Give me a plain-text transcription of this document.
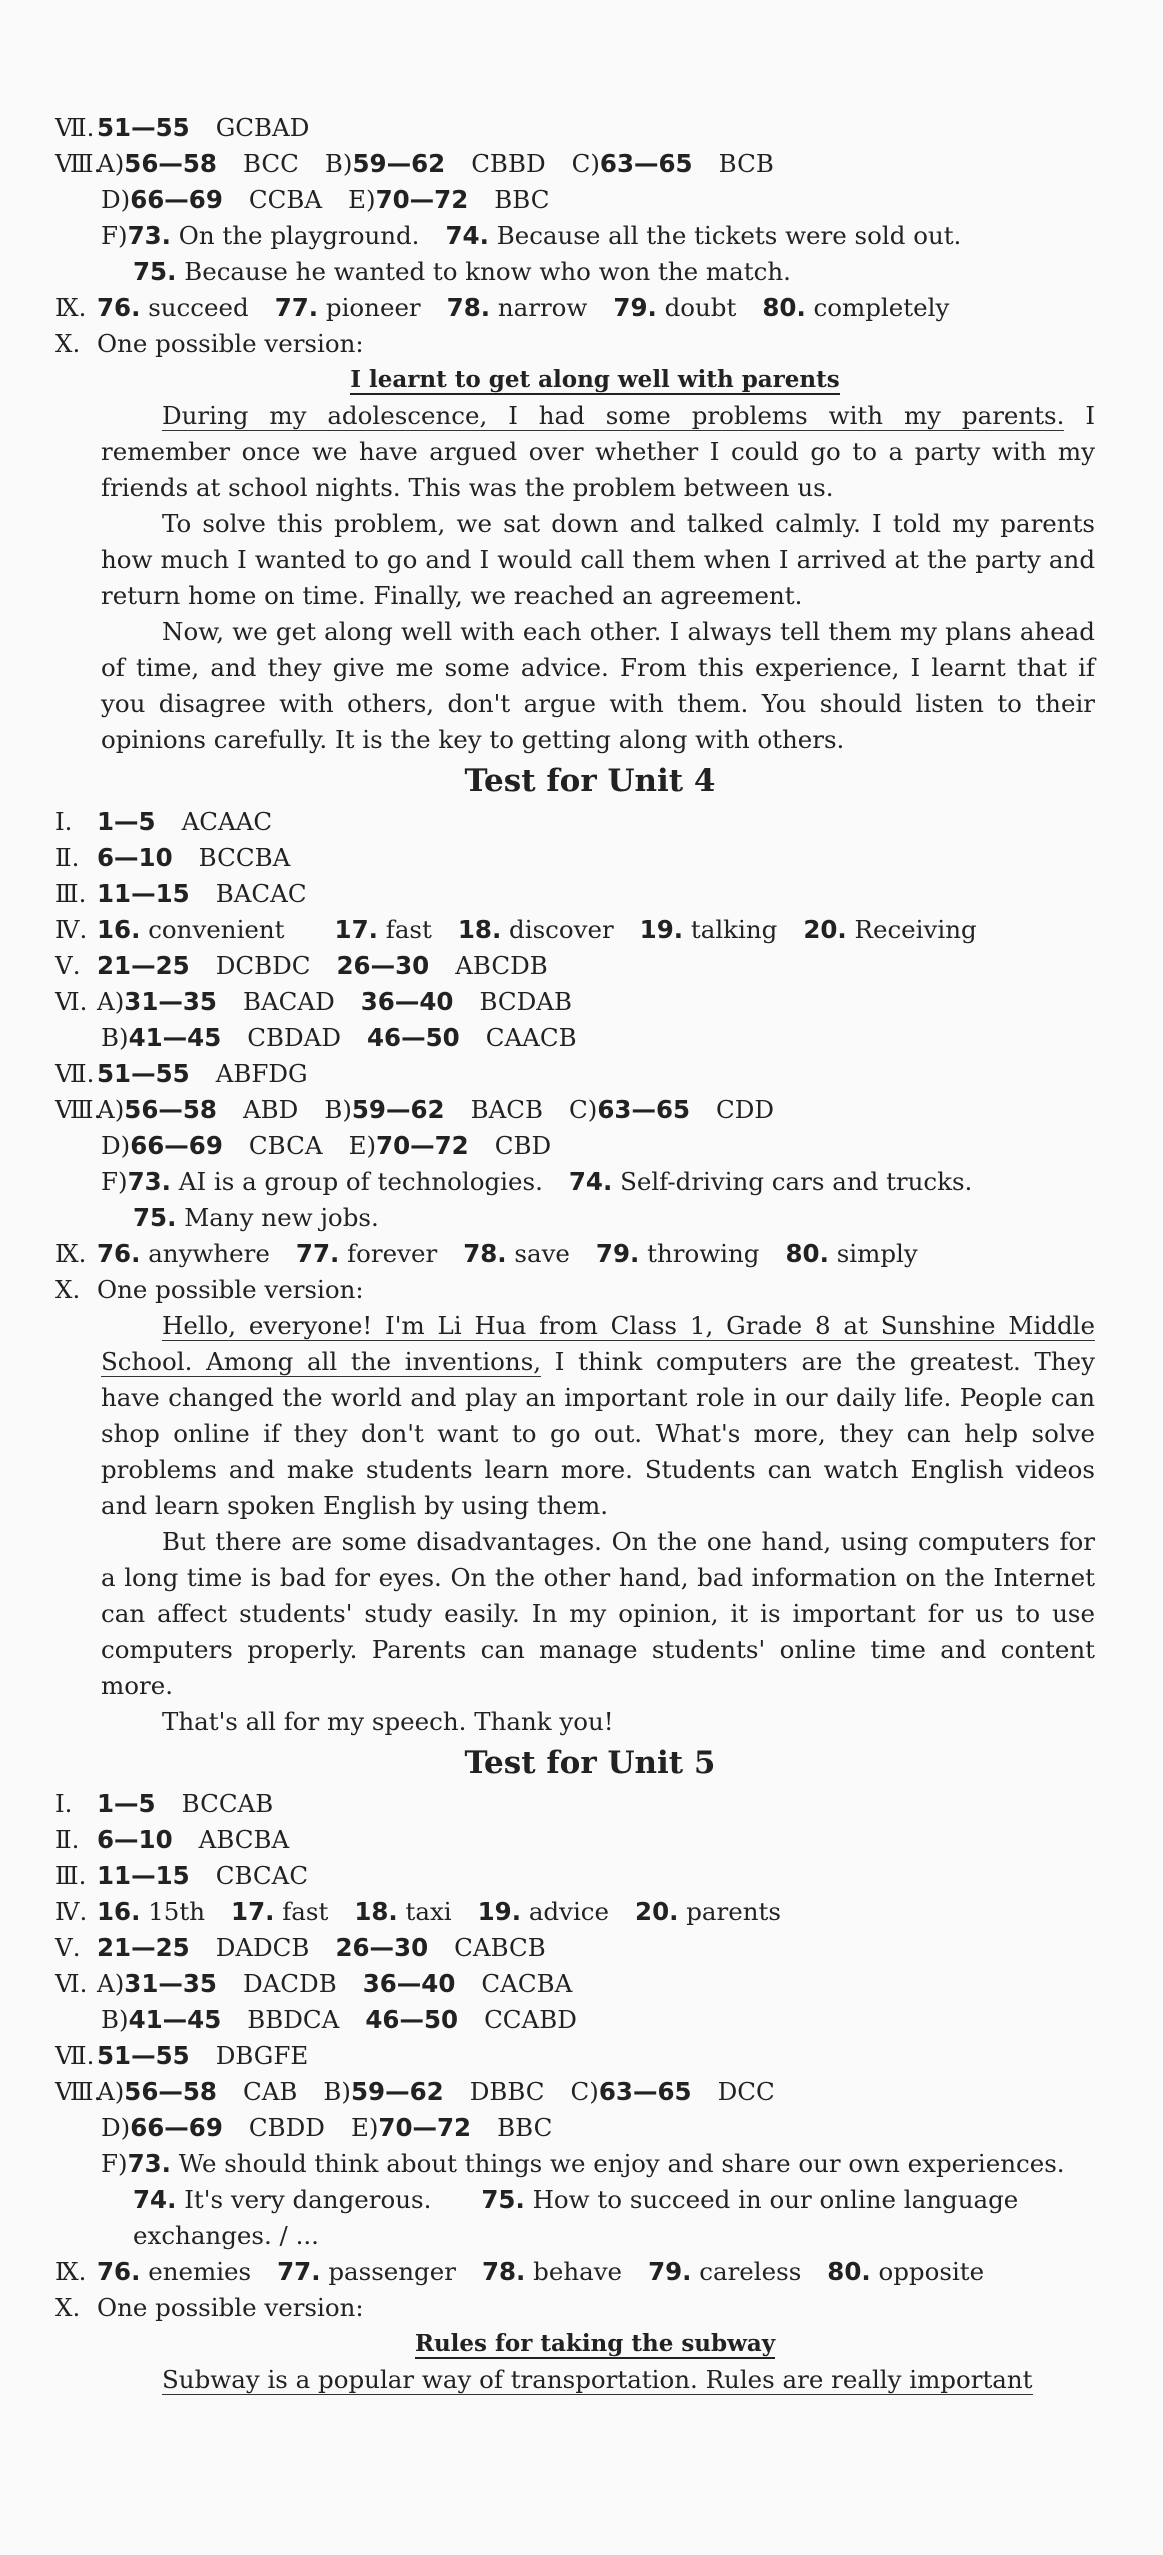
Ⅶ. 51—55 GCBAD
Ⅷ.A)56—58 BCC B)59—62 CBBD C)63—65 BCB
D)66—69 CCBA E)70—72 BBC
F)73. On the playground. 74. Because all the tickets were sold out.
75. Because he wanted to know who won the match.
Ⅸ. 76. succeed 77. pioneer 78. narrow 79. doubt 80. completely
Ⅹ. One possible version:
I learnt to get along well with parents

During my adolescence, I had some problems with my parents. I remember once we have argued over whether I could go to a party with my friends at school nights. This was the problem between us.

To solve this problem, we sat down and talked calmly. I told my parents how much I wanted to go and I would call them when I arrived at the party and return home on time. Finally, we reached an agreement.

Now, we get along well with each other. I always tell them my plans ahead of time, and they give me some advice. From this experience, I learnt that if you disagree with others, don't argue with them. You should listen to their opinions carefully. It is the key to getting along with others.

Test for Unit 4
Ⅰ. 1—5 ACAAC
Ⅱ. 6—10 BCCBA
Ⅲ. 11—15 BACAC
Ⅳ. 16. convenient 17. fast 18. discover 19. talking 20. Receiving
Ⅴ. 21—25 DCBDC 26—30 ABCDB
Ⅵ. A)31—35 BACAD 36—40 BCDAB
B)41—45 CBDAD 46—50 CAACB
Ⅶ. 51—55 ABFDG
Ⅷ.A)56—58 ABD B)59—62 BACB C)63—65 CDD
D)66—69 CBCA E)70—72 CBD
F)73. AI is a group of technologies. 74. Self-driving cars and trucks.
75. Many new jobs.
Ⅸ. 76. anywhere 77. forever 78. save 79. throwing 80. simply
Ⅹ. One possible version:

Hello, everyone! I'm Li Hua from Class 1, Grade 8 at Sunshine Middle School. Among all the inventions, I think computers are the greatest. They have changed the world and play an important role in our daily life. People can shop online if they don't want to go out. What's more, they can help solve problems and make students learn more. Students can watch English videos and learn spoken English by using them.

But there are some disadvantages. On the one hand, using computers for a long time is bad for eyes. On the other hand, bad information on the Internet can affect students' study easily. In my opinion, it is important for us to use computers properly. Parents can manage students' online time and content more.

That's all for my speech. Thank you!

Test for Unit 5
Ⅰ. 1—5 BCCAB
Ⅱ. 6—10 ABCBA
Ⅲ. 11—15 CBCAC
Ⅳ. 16. 15th 17. fast 18. taxi 19. advice 20. parents
Ⅴ. 21—25 DADCB 26—30 CABCB
Ⅵ. A)31—35 DACDB 36—40 CACBA
B)41—45 BBDCA 46—50 CCABD
Ⅶ. 51—55 DBGFE
Ⅷ.A)56—58 CAB B)59—62 DBBC C)63—65 DCC
D)66—69 CBDD E)70—72 BBC
F)73. We should think about things we enjoy and share our own experiences.
74. It's very dangerous. 75. How to succeed in our online language
exchanges. / ...
Ⅸ. 76. enemies 77. passenger 78. behave 79. careless 80. opposite
Ⅹ. One possible version:
Rules for taking the subway

Subway is a popular way of transportation. Rules are really important
